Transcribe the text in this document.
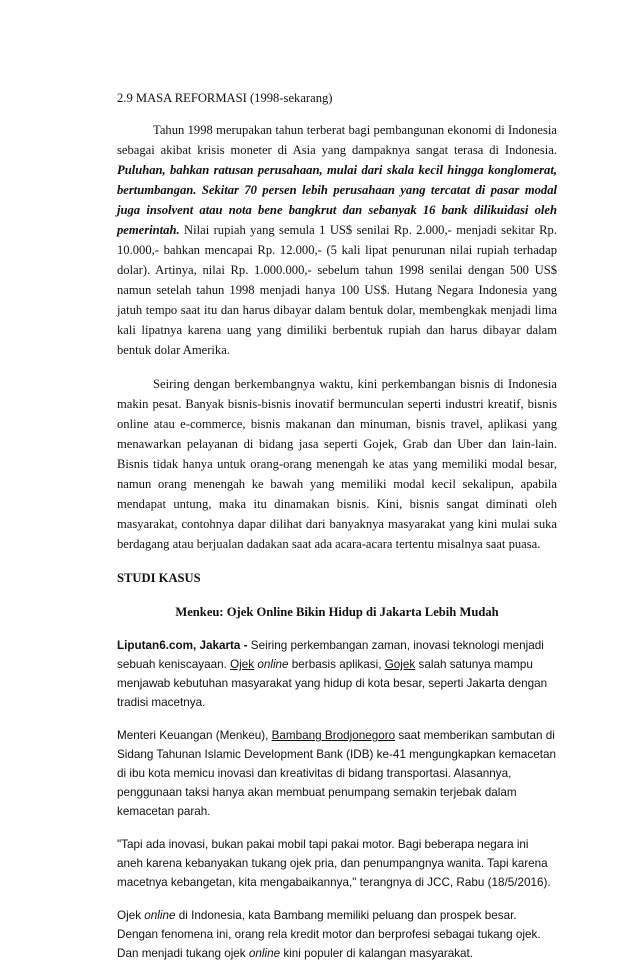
2.9 MASA REFORMASI (1998-sekarang)

Tahun 1998 merupakan tahun terberat bagi pembangunan ekonomi di Indonesia sebagai akibat krisis moneter di Asia yang dampaknya sangat terasa di Indonesia. Puluhan, bahkan ratusan perusahaan, mulai dari skala kecil hingga konglomerat, bertumbangan. Sekitar 70 persen lebih perusahaan yang tercatat di pasar modal juga insolvent atau nota bene bangkrut dan sebanyak 16 bank dilikuidasi oleh pemerintah. Nilai rupiah yang semula 1 US$ senilai Rp. 2.000,- menjadi sekitar Rp. 10.000,- bahkan mencapai Rp. 12.000,- (5 kali lipat penurunan nilai rupiah terhadap dolar). Artinya, nilai Rp. 1.000.000,- sebelum tahun 1998 senilai dengan 500 US$ namun setelah tahun 1998 menjadi hanya 100 US$. Hutang Negara Indonesia yang jatuh tempo saat itu dan harus dibayar dalam bentuk dolar, membengkak menjadi lima kali lipatnya karena uang yang dimiliki berbentuk rupiah dan harus dibayar dalam bentuk dolar Amerika.

Seiring dengan berkembangnya waktu, kini perkembangan bisnis di Indonesia makin pesat. Banyak bisnis-bisnis inovatif bermunculan seperti industri kreatif, bisnis online atau e-commerce, bisnis makanan dan minuman, bisnis travel, aplikasi yang menawarkan pelayanan di bidang jasa seperti Gojek, Grab dan Uber dan lain-lain. Bisnis tidak hanya untuk orang-orang menengah ke atas yang memiliki modal besar, namun orang menengah ke bawah yang memiliki modal kecil sekalipun, apabila mendapat untung, maka itu dinamakan bisnis. Kini, bisnis sangat diminati oleh masyarakat, contohnya dapar dilihat dari banyaknya masyarakat yang kini mulai suka berdagang atau berjualan dadakan saat ada acara-acara tertentu misalnya saat puasa.

STUDI KASUS

Menkeu: Ojek Online Bikin Hidup di Jakarta Lebih Mudah

Liputan6.com, Jakarta - Seiring perkembangan zaman, inovasi teknologi menjadi sebuah keniscayaan. Ojek online berbasis aplikasi, Gojek salah satunya mampu menjawab kebutuhan masyarakat yang hidup di kota besar, seperti Jakarta dengan tradisi macetnya.

Menteri Keuangan (Menkeu), Bambang Brodjonegoro saat memberikan sambutan di Sidang Tahunan Islamic Development Bank (IDB) ke-41 mengungkapkan kemacetan di ibu kota memicu inovasi dan kreativitas di bidang transportasi. Alasannya, penggunaan taksi hanya akan membuat penumpang semakin terjebak dalam kemacetan parah.

"Tapi ada inovasi, bukan pakai mobil tapi pakai motor. Bagi beberapa negara ini aneh karena kebanyakan tukang ojek pria, dan penumpangnya wanita. Tapi karena macetnya kebangetan, kita mengabaikannya," terangnya di JCC, Rabu (18/5/2016).

Ojek online di Indonesia, kata Bambang memiliki peluang dan prospek besar. Dengan fenomena ini, orang rela kredit motor dan berprofesi sebagai tukang ojek. Dan menjadi tukang ojek online kini populer di kalangan masyarakat.
